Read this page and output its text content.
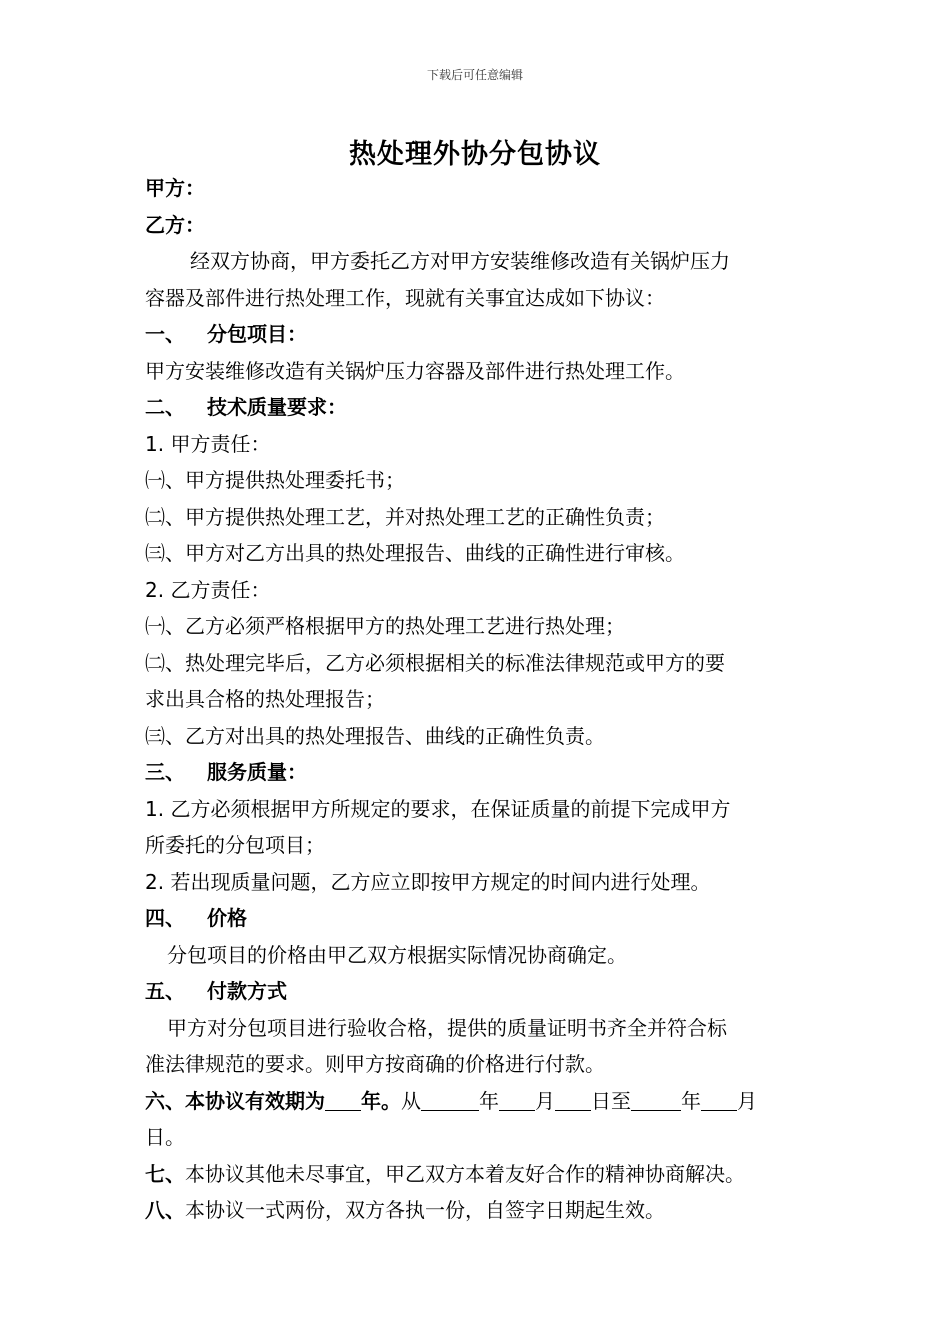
下载后可任意编辑
热处理外协分包协议
甲方：
乙方：
经双方协商，甲方委托乙方对甲方安装维修改造有关锅炉压力
容器及部件进行热处理工作，现就有关事宜达成如下协议：
一、 分包项目：
甲方安装维修改造有关锅炉压力容器及部件进行热处理工作。
二、 技术质量要求：
1. 甲方责任：
㈠、甲方提供热处理委托书；
㈡、甲方提供热处理工艺，并对热处理工艺的正确性负责；
㈢、甲方对乙方出具的热处理报告、曲线的正确性进行审核。
2. 乙方责任：
㈠、乙方必须严格根据甲方的热处理工艺进行热处理；
㈡、热处理完毕后，乙方必须根据相关的标准法律规范或甲方的要
求出具合格的热处理报告；
㈢、乙方对出具的热处理报告、曲线的正确性负责。
三、 服务质量：
1. 乙方必须根据甲方所规定的要求，在保证质量的前提下完成甲方
所委托的分包项目；
2. 若出现质量问题，乙方应立即按甲方规定的时间内进行处理。
四、 价格
分包项目的价格由甲乙双方根据实际情况协商确定。
五、 付款方式
甲方对分包项目进行验收合格，提供的质量证明书齐全并符合标
准法律规范的要求。则甲方按商确的价格进行付款。
六、本协议有效期为 年。从	年 月 日至	年 月
日。
七、本协议其他未尽事宜，甲乙双方本着友好合作的精神协商解决。
八、本协议一式两份，双方各执一份，自签字日期起生效。
